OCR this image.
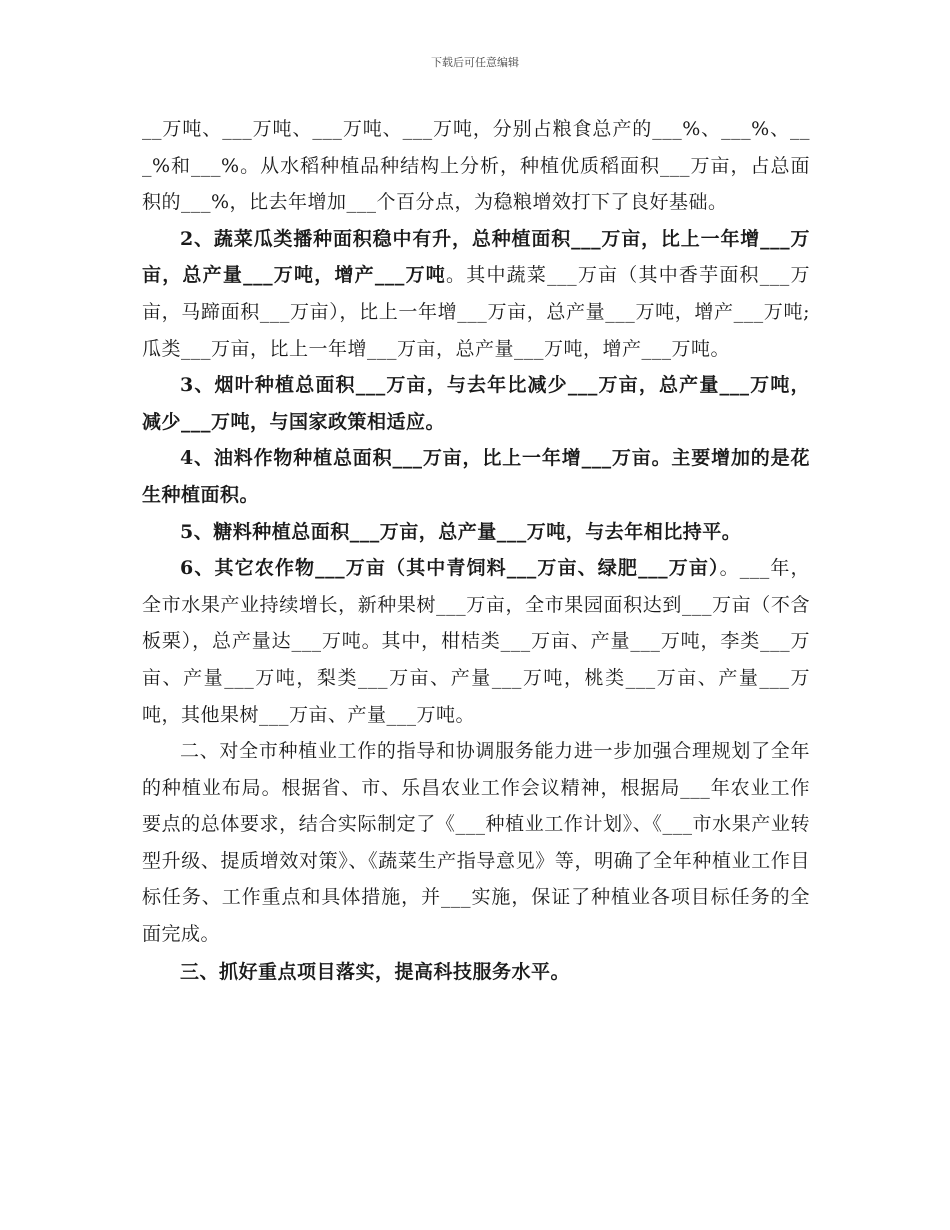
下载后可任意编辑

__万吨、___万吨、___万吨、___万吨，分别占粮食总产的___%、___%、___%和___%。从水稻种植品种结构上分析，种植优质稻面积___万亩，占总面积的___%，比去年增加___个百分点，为稳粮增效打下了良好基础。

2、蔬菜瓜类播种面积稳中有升，总种植面积___万亩，比上一年增___万亩，总产量___万吨，增产___万吨。其中蔬菜___万亩（其中香芋面积___万亩，马蹄面积___万亩），比上一年增___万亩，总产量___万吨，增产___万吨;瓜类___万亩，比上一年增___万亩，总产量___万吨，增产___万吨。

3、烟叶种植总面积___万亩，与去年比减少___万亩，总产量___万吨，减少___万吨，与国家政策相适应。

4、油料作物种植总面积___万亩，比上一年增___万亩。主要增加的是花生种植面积。

5、糖料种植总面积___万亩，总产量___万吨，与去年相比持平。

6、其它农作物___万亩（其中青饲料___万亩、绿肥___万亩）。___年，全市水果产业持续增长，新种果树___万亩，全市果园面积达到___万亩（不含板栗），总产量达___万吨。其中，柑桔类___万亩、产量___万吨，李类___万亩、产量___万吨，梨类___万亩、产量___万吨，桃类___万亩、产量___万吨，其他果树___万亩、产量___万吨。

二、对全市种植业工作的指导和协调服务能力进一步加强合理规划了全年的种植业布局。根据省、市、乐昌农业工作会议精神，根据局___年农业工作要点的总体要求，结合实际制定了《___种植业工作计划》、《___市水果产业转型升级、提质增效对策》、《蔬菜生产指导意见》等，明确了全年种植业工作目标任务、工作重点和具体措施，并___实施，保证了种植业各项目标任务的全面完成。

三、抓好重点项目落实，提高科技服务水平。
